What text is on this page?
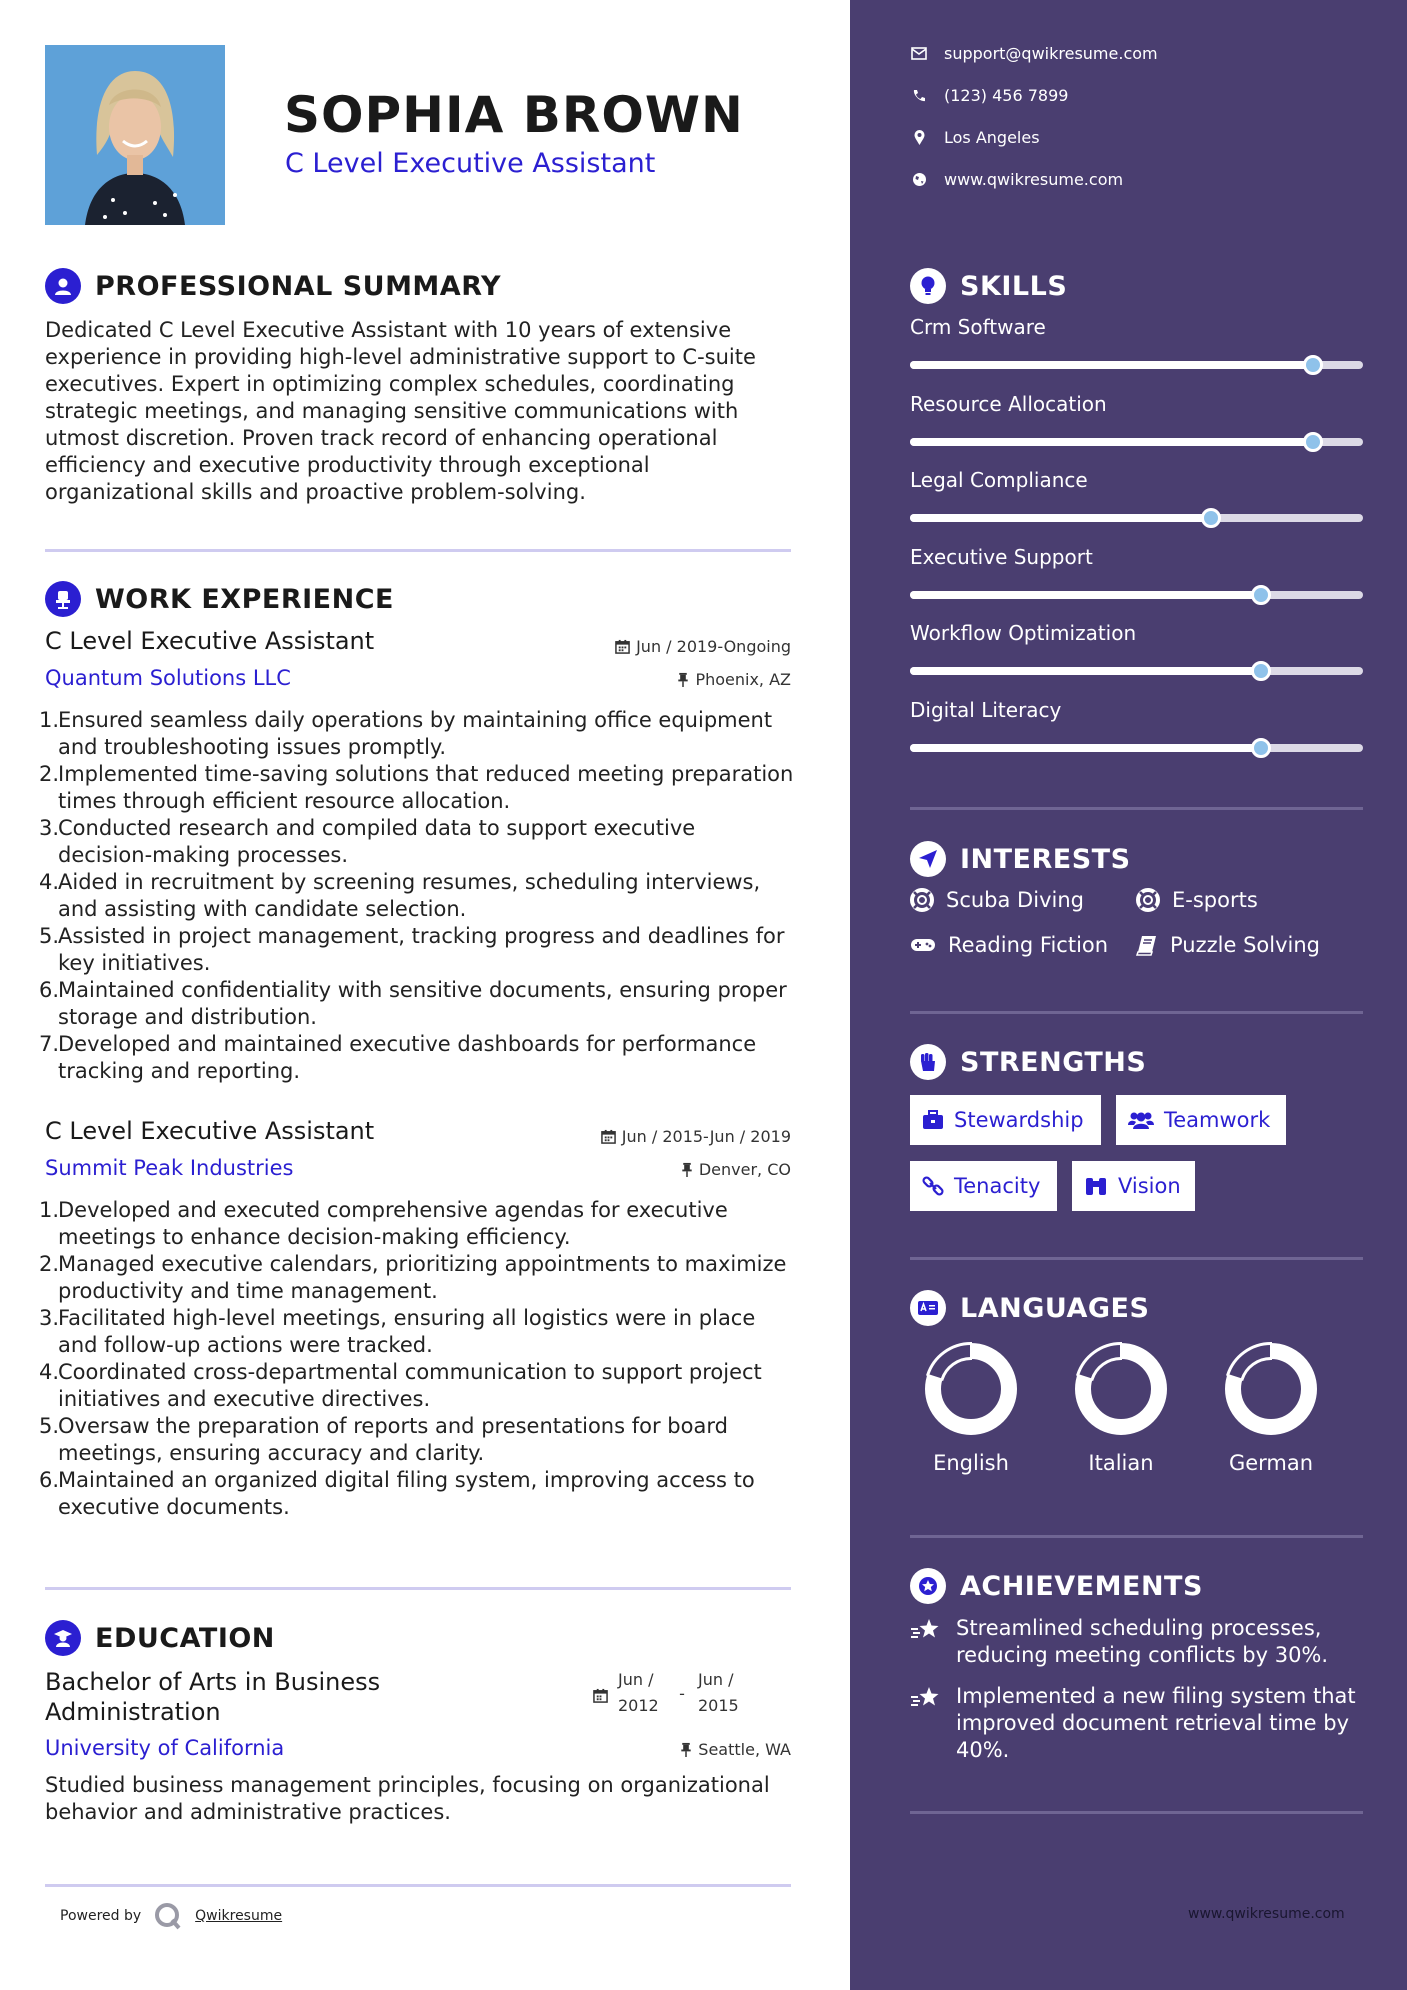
SOPHIA BROWN
C Level Executive Assistant
PROFESSIONAL SUMMARY
Dedicated C Level Executive Assistant with 10 years of extensive experience in providing high-level administrative support to C-suite executives. Expert in optimizing complex schedules, coordinating strategic meetings, and managing sensitive communications with utmost discretion. Proven track record of enhancing operational efficiency and executive productivity through exceptional organizational skills and proactive problem-solving.
WORK EXPERIENCE
C Level Executive Assistant	Jun / 2019-Ongoing
Quantum Solutions LLC	Phoenix, AZ
1.
Ensured seamless daily operations by maintaining office equipment and troubleshooting issues promptly.
2.
Implemented time-saving solutions that reduced meeting preparation times through efficient resource allocation.
3.
Conducted research and compiled data to support executive decision-making processes.
4.
Aided in recruitment by screening resumes, scheduling interviews, and assisting with candidate selection.
5.
Assisted in project management, tracking progress and deadlines for key initiatives.
6.
Maintained confidentiality with sensitive documents, ensuring proper storage and distribution.
7.
Developed and maintained executive dashboards for performance tracking and reporting.
C Level Executive Assistant	Jun / 2015-Jun / 2019
Summit Peak Industries	Denver, CO
1.
Developed and executed comprehensive agendas for executive meetings to enhance decision-making efficiency.
2.
Managed executive calendars, prioritizing appointments to maximize productivity and time management.
3.
Facilitated high-level meetings, ensuring all logistics were in place and follow-up actions were tracked.
4.
Coordinated cross-departmental communication to support project initiatives and executive directives.
5.
Oversaw the preparation of reports and presentations for board meetings, ensuring accuracy and clarity.
6.
Maintained an organized digital filing system, improving access to executive documents.
EDUCATION
Bachelor of Arts in Business Administration
Jun / 2012
-
Jun / 2015
University of California	Seattle, WA
Studied business management principles, focusing on organizational behavior and administrative practices.
Powered by	Qwikresume
support@qwikresume.com
(123) 456 7899
Los Angeles
www.qwikresume.com
SKILLS
Crm Software
Resource Allocation
Legal Compliance
Executive Support
Workflow Optimization
Digital Literacy
INTERESTS
Scuba Diving	E-sports
Reading Fiction	Puzzle Solving
STRENGTHS
Stewardship	Teamwork
Tenacity	Vision
LANGUAGES
English	Italian	German
ACHIEVEMENTS
Streamlined scheduling processes, reducing meeting conflicts by 30%.
Implemented a new filing system that improved document retrieval time by 40%.
www.qwikresume.com
